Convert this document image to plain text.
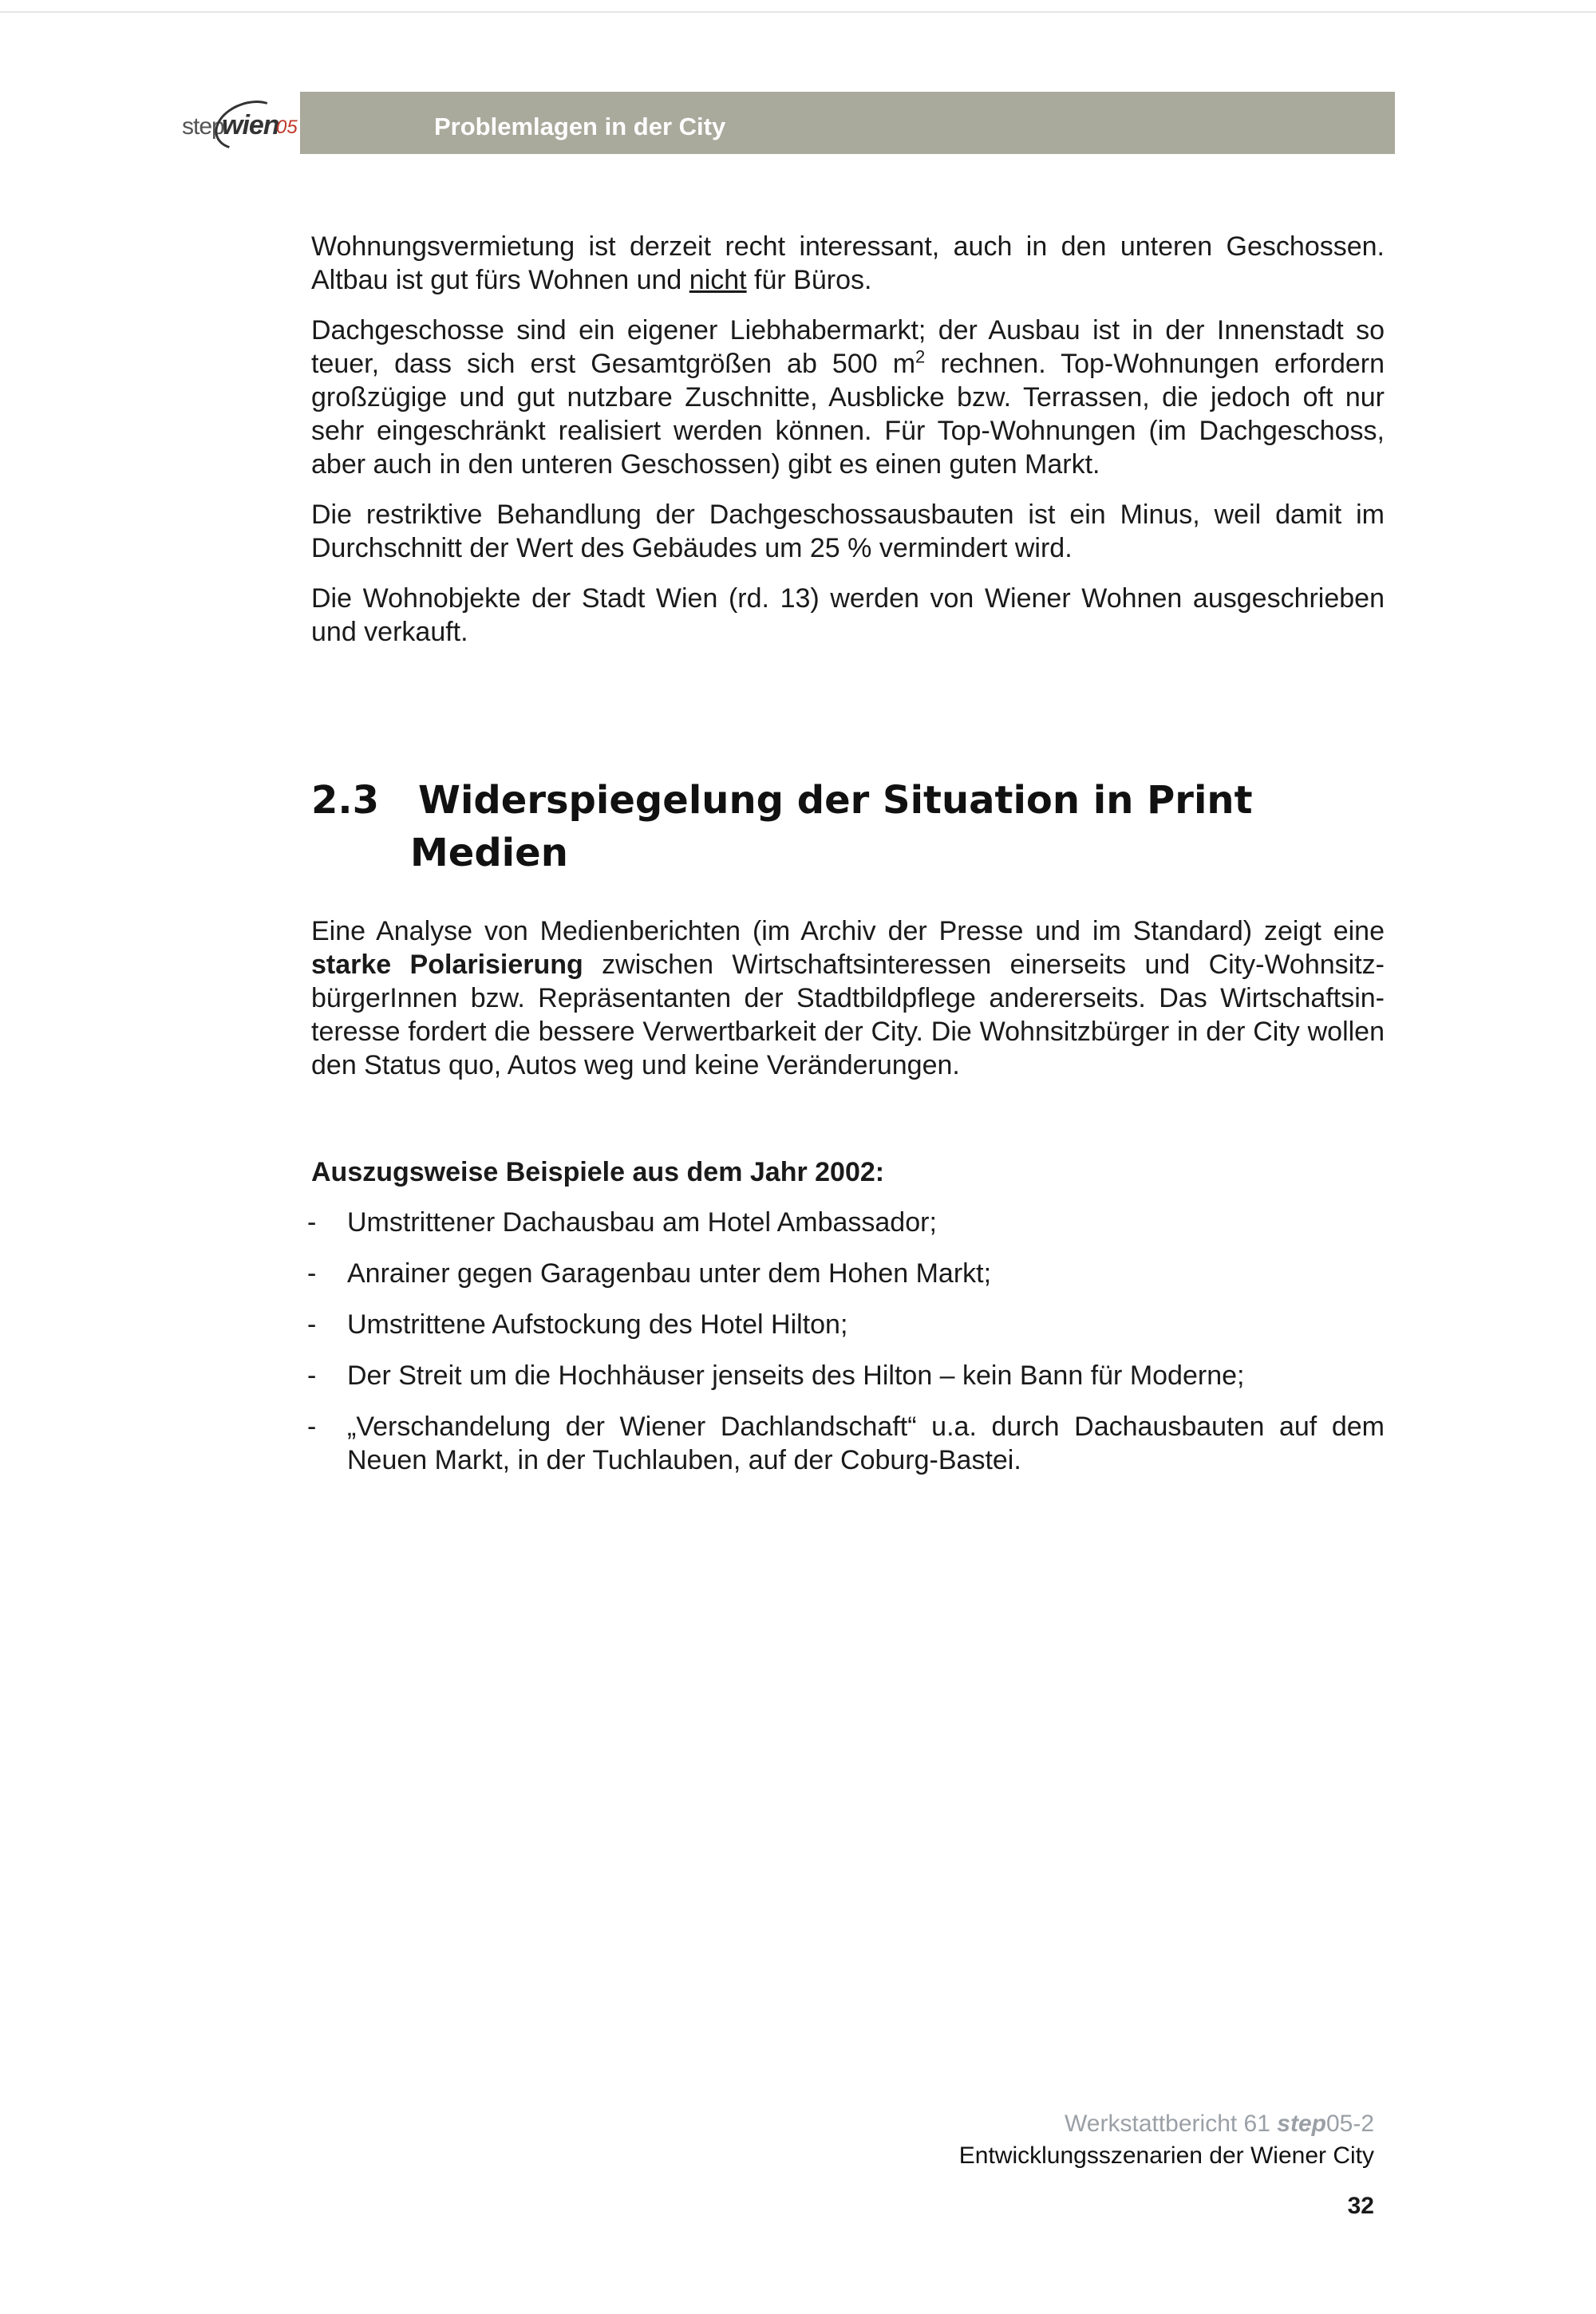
step
wien
05	Problemlagen in der City

Wohnungsvermietung ist derzeit recht interessant, auch in den unteren Geschossen. Altbau ist gut fürs Wohnen und nicht für Büros.

Dachgeschosse sind ein eigener Liebhabermarkt; der Ausbau ist in der Innenstadt so teuer, dass sich erst Gesamtgrößen ab 500 $m^2$ rechnen. Top-Wohnungen erfordern großzügige und gut nutzbare Zuschnitte, Ausblicke bzw. Terrassen, die jedoch oft nur sehr eingeschränkt realisiert werden können. Für Top-Wohnungen (im Dachgeschoss, aber auch in den unteren Geschossen) gibt es einen guten Markt.

Die restriktive Behandlung der Dachgeschossausbauten ist ein Minus, weil damit im Durchschnitt der Wert des Gebäudes um 25 % vermindert wird.

Die Wohnobjekte der Stadt Wien (rd. 13) werden von Wiener Wohnen ausgeschrieben und verkauft.

2.3 Widerspiegelung der Situation in Print
Medien

Eine Analyse von Medienberichten (im Archiv der Presse und im Standard) zeigt eine starke Polarisierung zwischen Wirtschaftsinteressen einerseits und City-WohnsitzbürgerInnen bzw. Repräsentanten der Stadtbildpflege andererseits. Das Wirtschaftsinteresse fordert die bessere Verwertbarkeit der City. Die Wohnsitzbürger in der City wollen den Status quo, Autos weg und keine Veränderungen.

Auszugsweise Beispiele aus dem Jahr 2002:
- Umstrittener Dachausbau am Hotel Ambassador;
- Anrainer gegen Garagenbau unter dem Hohen Markt;
- Umstrittene Aufstockung des Hotel Hilton;
- Der Streit um die Hochhäuser jenseits des Hilton – kein Bann für Moderne;
- „Verschandelung der Wiener Dachlandschaft“ u.a. durch Dachausbauten auf dem Neuen Markt, in der Tuchlauben, auf der Coburg-Bastei.
Werkstattbericht 61 step05-2
Entwicklungsszenarien der Wiener City
32
